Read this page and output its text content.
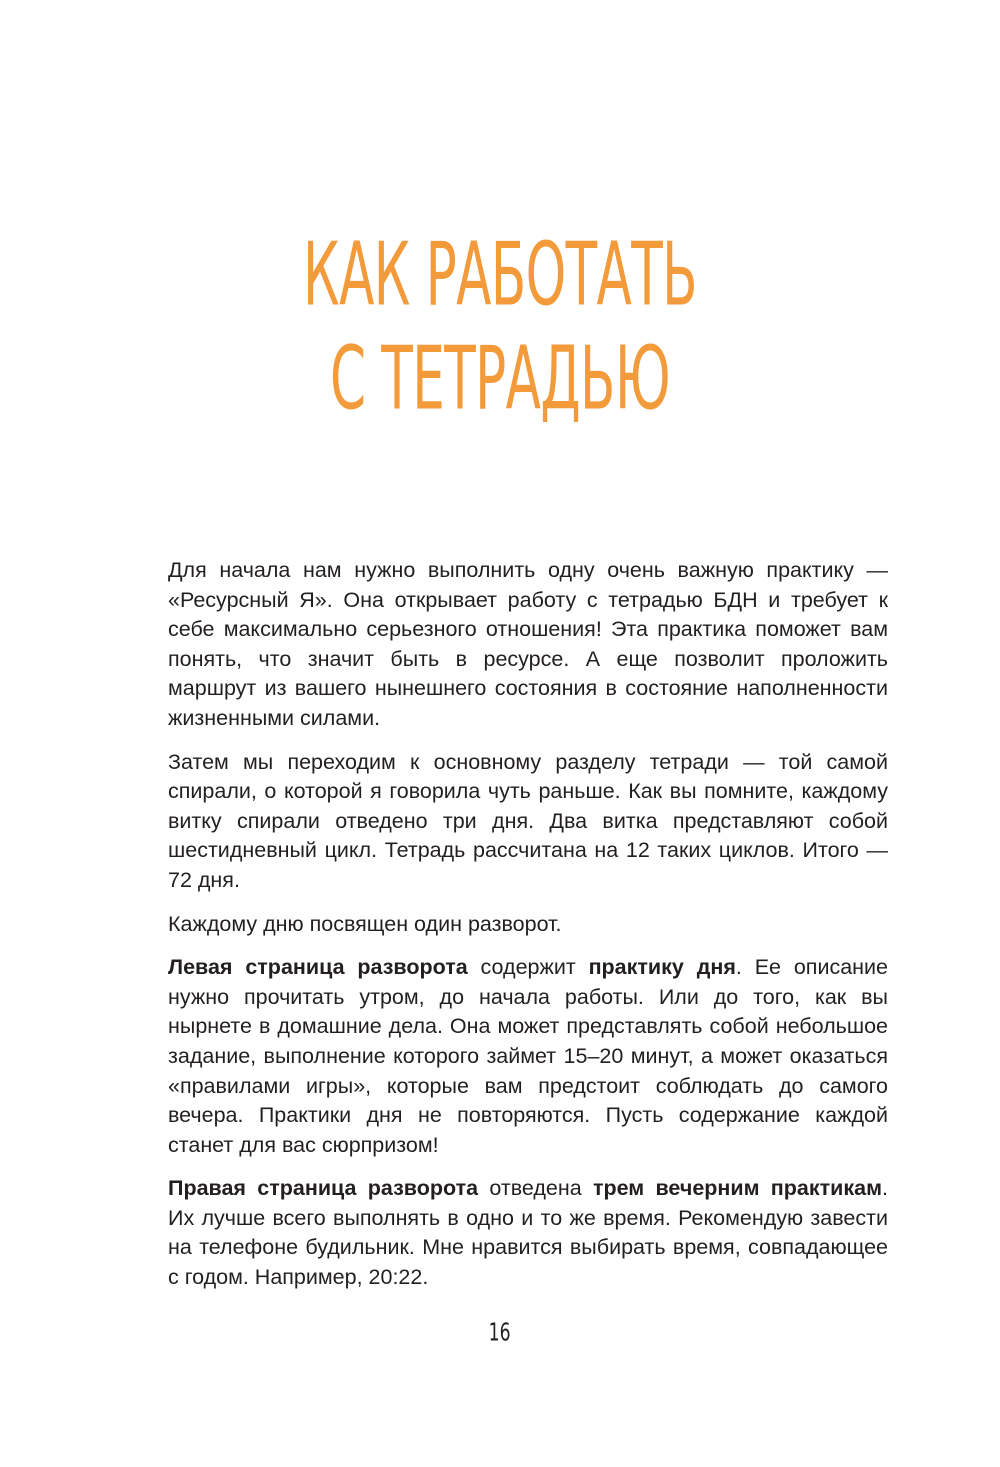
КАК РАБОТАТЬ
С ТЕТРАДЬЮ

Для начала нам нужно выполнить одну очень важную практику — «Ресурсный Я». Она открывает работу с тетрадью БДН и требует к себе максимально серьезного отношения! Эта практика поможет вам понять, что значит быть в ресурсе. А еще позволит проложить маршрут из вашего нынешнего состояния в состояние наполненности жизненными силами.

Затем мы переходим к основному разделу тетради — той самой спирали, о которой я говорила чуть раньше. Как вы помните, каждому витку спирали отведено три дня. Два витка представляют собой шестидневный цикл. Тетрадь рассчитана на 12 таких циклов. Итого — 72 дня.

Каждому дню посвящен один разворот.

Левая страница разворота содержит практику дня. Ее описание нужно прочитать утром, до начала работы. Или до того, как вы нырнете в домашние дела. Она может представлять собой небольшое задание, выполнение которого займет 15–20 минут, а может оказаться «правилами игры», которые вам предстоит соблюдать до самого вечера. Практики дня не повторяются. Пусть содержание каждой станет для вас сюрпризом!

Правая страница разворота отведена трем вечерним практикам. Их лучше всего выполнять в одно и то же время. Рекомендую завести на телефоне будильник. Мне нравится выбирать время, совпадающее с годом. Например, 20:22.

16
